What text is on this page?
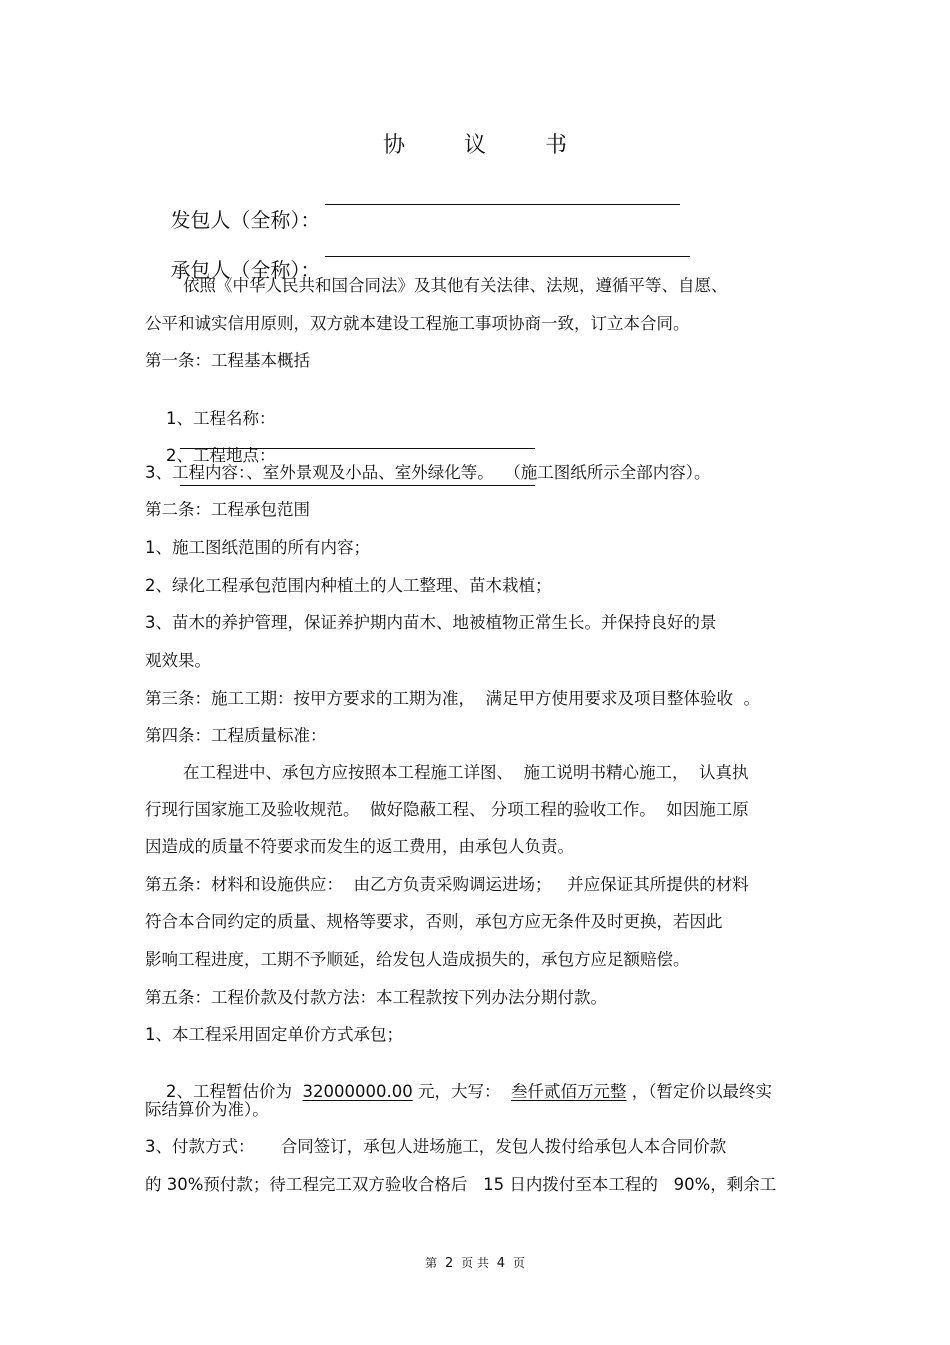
协 议 书

发包人（全称）：

承包人（全称）：

依照《中华人民共和国合同法》及其他有关法律、法规，遵循平等、自愿、
公平和诚实信用原则，双方就本建设工程施工事项协商一致，订立本合同。
第一条：工程基本概括

1、工程名称：

2、工程地点：

3、工程内容：、室外景观及小品、室外绿化等。  （施工图纸所示全部内容）。
第二条：工程承包范围
1、施工图纸范围的所有内容；
2、绿化工程承包范围内种植土的人工整理、苗木栽植；
3、苗木的养护管理，保证养护期内苗木、地被植物正常生长。并保持良好的景
观效果。
第三条：施工工期：按甲方要求的工期为准，  满足甲方使用要求及项目整体验收  。
第四条：工程质量标准：
在工程进中、承包方应按照本工程施工详图、  施工说明书精心施工，  认真执
行现行国家施工及验收规范。  做好隐蔽工程、 分项工程的验收工作。  如因施工原
因造成的质量不符要求而发生的返工费用，由承包人负责。
第五条：材料和设施供应：  由乙方负责采购调运进场；   并应保证其所提供的材料
符合本合同约定的质量、规格等要求，否则，承包方应无条件及时更换，若因此
影响工程进度，工期不予顺延，给发包人造成损失的，承包方应足额赔偿。
第五条：工程价款及付款方法：本工程款按下列办法分期付款。
1、本工程采用固定单价方式承包；

2、工程暂估价为  32000000.00 元，大写：  叁仟贰佰万元整 ，（暂定价以最终实

际结算价为准）。
3、付款方式：     合同签订，承包人进场施工，发包人拨付给承包人本合同价款
的 30%预付款；待工程完工双方验收合格后   15 日内拨付至本工程的   90%，剩余工
第 2 页 共 4 页
